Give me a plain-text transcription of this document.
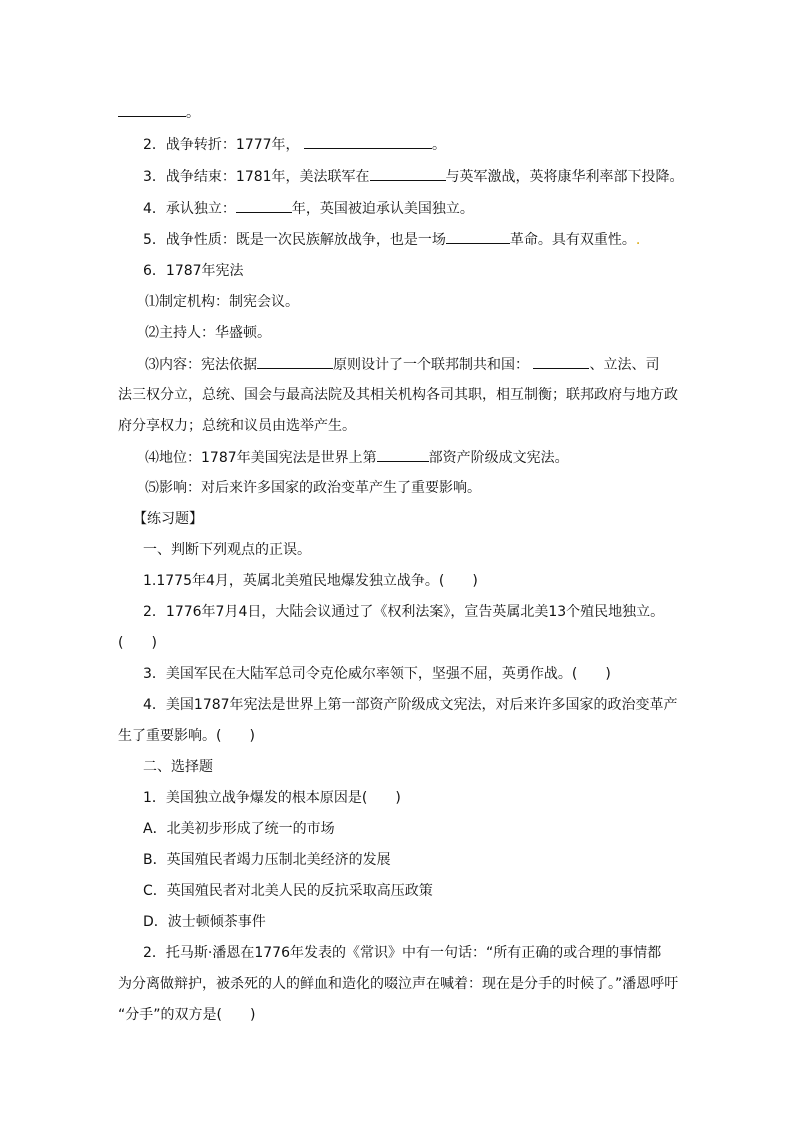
。
2．战争转折：1777年，	。
3．战争结束：1781年，美法联军在	与英军激战，英将康华利率部下投降。
4．承认独立：	年，英国被迫承认美国独立。
5．战争性质：既是一次民族解放战争，也是一场	革命。具有双重性。.
6．1787年宪法
⑴制定机构：制宪会议。
⑵主持人：华盛顿。
⑶内容：宪法依据	原则设计了一个联邦制共和国：	、立法、司
法三权分立，总统、国会与最高法院及其相关机构各司其职，相互制衡；联邦政府与地方政
府分享权力；总统和议员由选举产生。
⑷地位：1787年美国宪法是世界上第	部资产阶级成文宪法。
⑸影响：对后来许多国家的政治变革产生了重要影响。
【练习题】
一、判断下列观点的正误。
1.1775年4月，英属北美殖民地爆发独立战争。(　　)
2．1776年7月4日，大陆会议通过了《权利法案》，宣告英属北美13个殖民地独立。
(　　)
3．美国军民在大陆军总司令克伦威尔率领下，坚强不屈，英勇作战。(　　)
4．美国1787年宪法是世界上第一部资产阶级成文宪法，对后来许多国家的政治变革产
生了重要影响。(　　)
二、选择题
1．美国独立战争爆发的根本原因是(　　)
A．北美初步形成了统一的市场
B．英国殖民者竭力压制北美经济的发展
C．英国殖民者对北美人民的反抗采取高压政策
D．波士顿倾茶事件
2．托马斯·潘恩在1776年发表的《常识》中有一句话：“所有正确的或合理的事情都
为分离做辩护，被杀死的人的鲜血和造化的啜泣声在喊着：现在是分手的时候了。”潘恩呼吁
“分手”的双方是(　　)
